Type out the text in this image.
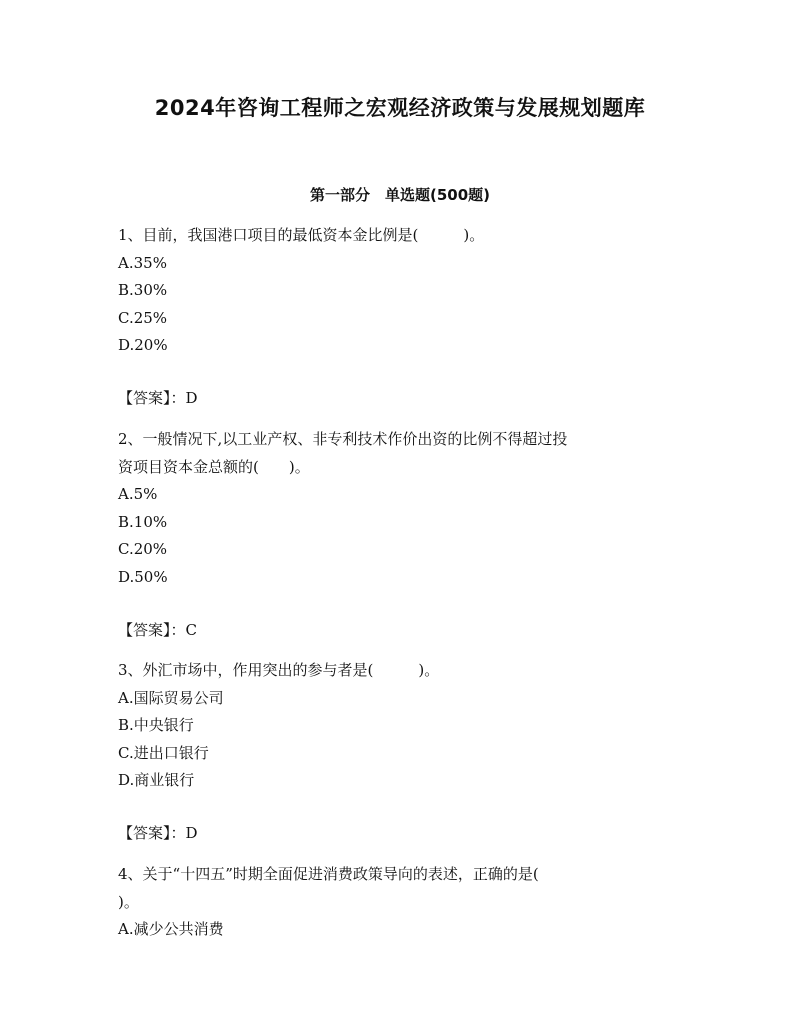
2024年咨询工程师之宏观经济政策与发展规划题库
第一部分　单选题(500题)
1、目前，我国港口项目的最低资本金比例是(　　　)。
A.35%
B.30%
C.25%
D.20%
【答案】：D
2、一般情况下,以工业产权、非专利技术作价出资的比例不得超过投
资项目资本金总额的(　　)。
A.5%
B.10%
C.20%
D.50%
【答案】：C
3、外汇市场中，作用突出的参与者是(　　　)。
A.国际贸易公司
B.中央银行
C.进出口银行
D.商业银行
【答案】：D
4、关于“十四五”时期全面促进消费政策导向的表述，正确的是(
)。
A.减少公共消费
